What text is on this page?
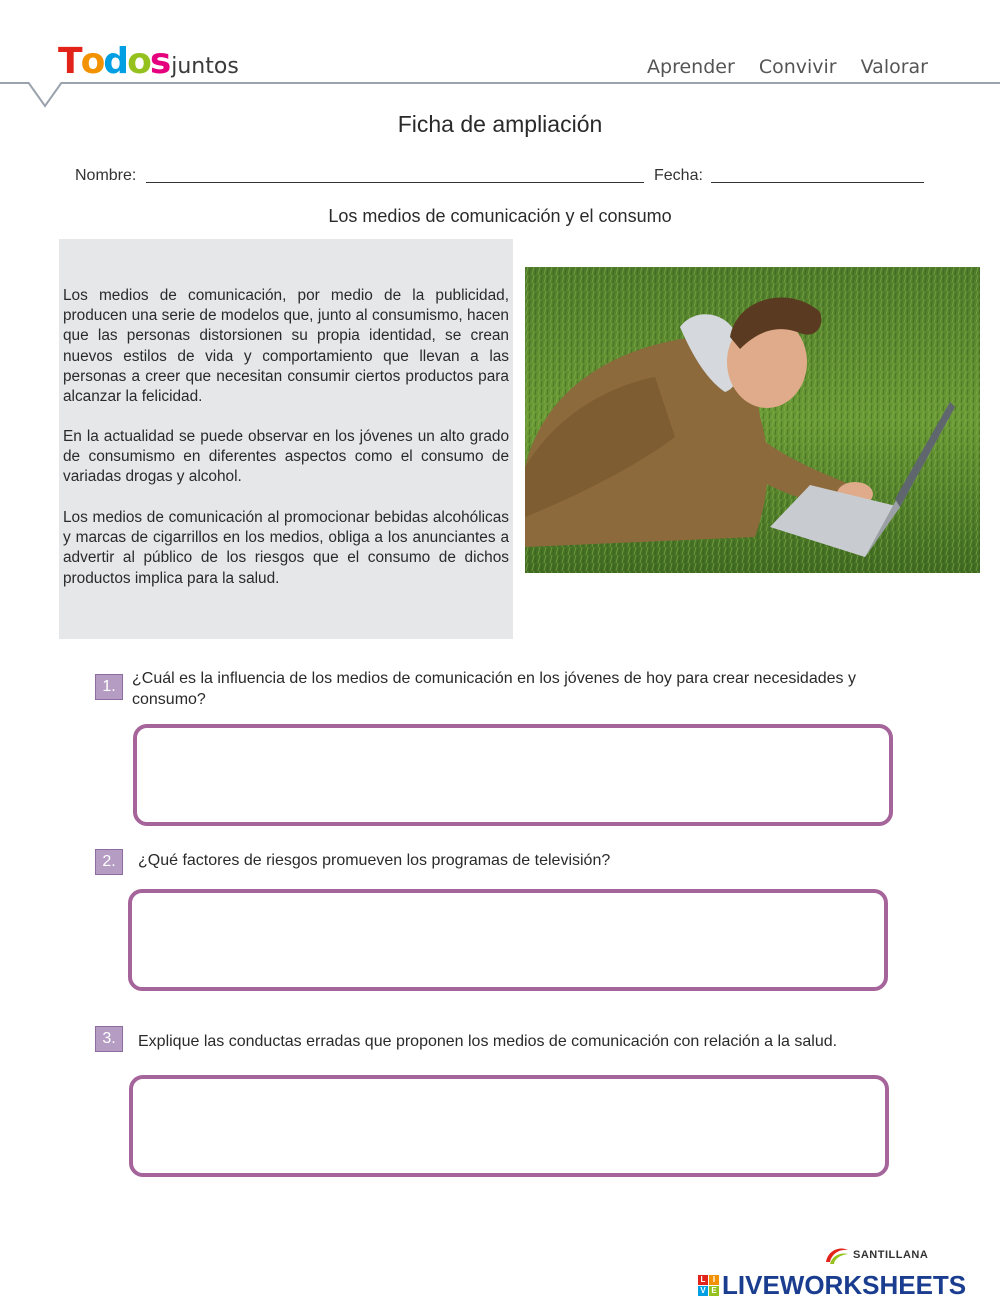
Todos juntos	Aprender Convivir Valorar
Ficha de ampliación
Nombre:	Fecha:
Los medios de comunicación y el consumo

Los medios de comunicación, por medio de la publicidad, producen una serie de modelos que, junto al consumismo, hacen que las personas distorsionen su propia identidad, se crean nuevos estilos de vida y comportamiento que llevan a las personas a creer que necesitan consumir ciertos productos para alcanzar la felicidad.

En la actualidad se puede observar en los jóvenes un alto grado de consumismo en diferentes aspectos como el consumo de variadas drogas y alcohol.

Los medios de comunicación al promocionar bebidas alcohólicas y marcas de cigarrillos en los medios, obliga a los anunciantes a advertir al público de los riesgos que el consumo de dichos productos implica para la salud.

1.	¿Cuál es la influencia de los medios de comunicación en los jóvenes de hoy para crear necesidades y consumo?
2.	¿Qué factores de riesgos promueven los programas de televisión?
3.	Explique las conductas erradas que proponen los medios de comunicación con relación a la salud.
SANTILLANA
L I
V E LIVEWORKSHEETS
